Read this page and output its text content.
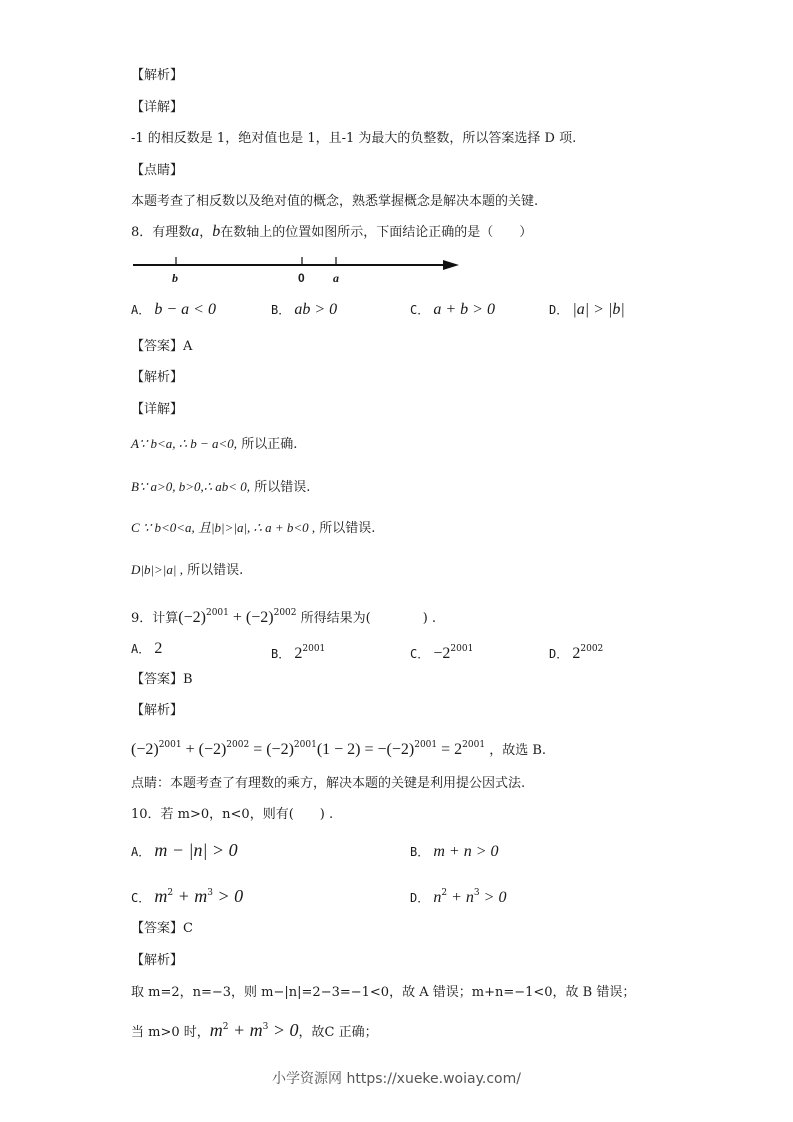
【解析】
【详解】
-1 的相反数是 1，绝对值也是 1，且-1 为最大的负整数，所以答案选择 D 项.
【点睛】
本题考查了相反数以及绝对值的概念，熟悉掌握概念是解决本题的关键.
8．有理数a，b在数轴上的位置如图所示，下面结论正确的是（　　）
b	0 a
A． b − a < 0	B． ab > 0	C． a + b > 0	D． |a| > |b|
【答案】A
【解析】
【详解】
A∵ b<a, ∴ b − a<0, 所以正确.
B∵ a>0, b>0,∴ ab< 0, 所以错误.
C ∵ b<0<a, 且|b|>|a|, ∴ a + b<0 , 所以错误.
D|b|>|a| , 所以错误.
9．计算$(-2)^{2001} + (-2)^{2002}$ 所得结果为(　　　　) .
A． 2	B． $2^{2001}$	C． $-2^{2001}$	D． $2^{2002}$
【答案】B
【解析】
$(-2)^{2001} + (-2)^{2002} = (-2)^{2001}(1 - 2) = -(-2)^{2001} = 2^{2001}$ ，故选 B.
点睛：本题考查了有理数的乘方，解决本题的关键是利用提公因式法.
10．若 m>0，n<0，则有(　　) .
A． m − |n| > 0	B． m + n > 0
C． $m^2 + m^3 > 0$	D． $n^2 + n^3 > 0$
【答案】C
【解析】
取 m=2，n=−3，则 m−|n|=2−3=−1<0，故 A 错误；m+n=−1<0，故 B 错误；
当 m>0 时，$m^2 + m^3 > 0$，故C 正确；
小学资源网 https://xueke.woiay.com/
